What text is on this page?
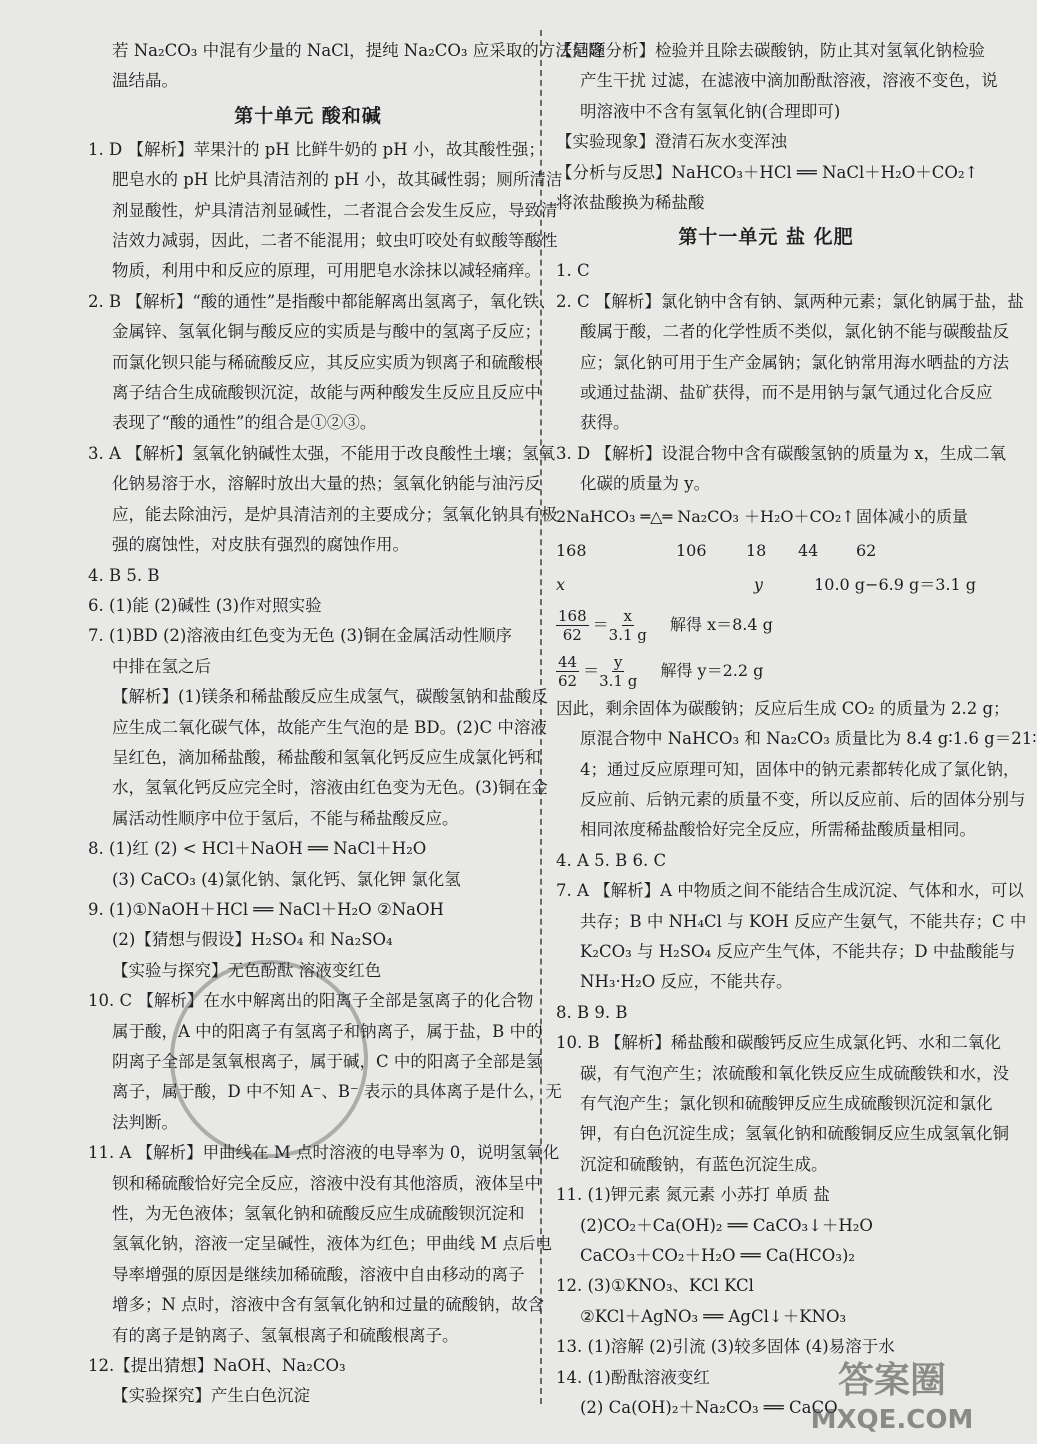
若 Na₂CO₃ 中混有少量的 NaCl，提纯 Na₂CO₃ 应采取的方法是降
温结晶。
第十单元 酸和碱
1. D 【解析】苹果汁的 pH 比鲜牛奶的 pH 小，故其酸性强；
肥皂水的 pH 比炉具清洁剂的 pH 小，故其碱性弱；厕所清洁
剂显酸性，炉具清洁剂显碱性，二者混合会发生反应，导致清
洁效力减弱，因此，二者不能混用；蚊虫叮咬处有蚁酸等酸性
物质，利用中和反应的原理，可用肥皂水涂抹以减轻痛痒。
2. B 【解析】“酸的通性”是指酸中都能解离出氢离子，氧化铁、
金属锌、氢氧化铜与酸反应的实质是与酸中的氢离子反应；
而氯化钡只能与稀硫酸反应，其反应实质为钡离子和硫酸根
离子结合生成硫酸钡沉淀，故能与两种酸发生反应且反应中
表现了“酸的通性”的组合是①②③。
3. A 【解析】氢氧化钠碱性太强，不能用于改良酸性土壤；氢氧
化钠易溶于水，溶解时放出大量的热；氢氧化钠能与油污反
应，能去除油污，是炉具清洁剂的主要成分；氢氧化钠具有极
强的腐蚀性，对皮肤有强烈的腐蚀作用。
4. B 5. B
6. (1)能 (2)碱性 (3)作对照实验
7. (1)BD (2)溶液由红色变为无色 (3)铜在金属活动性顺序
中排在氢之后
【解析】(1)镁条和稀盐酸反应生成氢气，碳酸氢钠和盐酸反
应生成二氧化碳气体，故能产生气泡的是 BD。(2)C 中溶液
呈红色，滴加稀盐酸，稀盐酸和氢氧化钙反应生成氯化钙和
水，氢氧化钙反应完全时，溶液由红色变为无色。(3)铜在金
属活动性顺序中位于氢后，不能与稀盐酸反应。
8. (1)红 (2) < HCl＋NaOH ══ NaCl＋H₂O
(3) CaCO₃ (4)氯化钠、氯化钙、氯化钾 氯化氢
9. (1)①NaOH＋HCl ══ NaCl＋H₂O ②NaOH
(2)【猜想与假设】H₂SO₄ 和 Na₂SO₄
【实验与探究】无色酚酞 溶液变红色
10. C 【解析】在水中解离出的阳离子全部是氢离子的化合物
属于酸，A 中的阳离子有氢离子和钠离子，属于盐，B 中的
阴离子全部是氢氧根离子，属于碱，C 中的阳离子全部是氢
离子，属于酸，D 中不知 A⁻、B⁻ 表示的具体离子是什么，无
法判断。
11. A 【解析】甲曲线在 M 点时溶液的电导率为 0，说明氢氧化
钡和稀硫酸恰好完全反应，溶液中没有其他溶质，液体呈中
性，为无色液体；氢氧化钠和硫酸反应生成硫酸钡沉淀和
氢氧化钠，溶液一定呈碱性，液体为红色；甲曲线 M 点后电
导率增强的原因是继续加稀硫酸，溶液中自由移动的离子
增多；N 点时，溶液中含有氢氧化钠和过量的硫酸钠，故含
有的离子是钠离子、氢氧根离子和硫酸根离子。
12.【提出猜想】NaOH、Na₂CO₃
【实验探究】产生白色沉淀
【问题分析】检验并且除去碳酸钠，防止其对氢氧化钠检验
产生干扰 过滤，在滤液中滴加酚酞溶液，溶液不变色，说
明溶液中不含有氢氧化钠(合理即可)
【实验现象】澄清石灰水变浑浊
【分析与反思】NaHCO₃＋HCl ══ NaCl＋H₂O＋CO₂↑
将浓盐酸换为稀盐酸
第十一单元 盐 化肥
1. C
2. C 【解析】氯化钠中含有钠、氯两种元素；氯化钠属于盐，盐
酸属于酸，二者的化学性质不类似，氯化钠不能与碳酸盐反
应；氯化钠可用于生产金属钠；氯化钠常用海水晒盐的方法
或通过盐湖、盐矿获得，而不是用钠与氯气通过化合反应
获得。
3. D 【解析】设混合物中含有碳酸氢钠的质量为 x，生成二氧
化碳的质量为 y。
2NaHCO₃ ═△═ Na₂CO₃ ＋H₂O＋CO₂↑ 固体减小的质量
168	106	18	44	62
x	y	10.0 g−6.9 g＝3.1 g
$\frac{168}{62} = \frac{x}{3.1 g}$ 解得 x＝8.4 g
$\frac{44}{62} = \frac{y}{3.1 g}$ 解得 y＝2.2 g
因此，剩余固体为碳酸钠；反应后生成 CO₂ 的质量为 2.2 g；
原混合物中 NaHCO₃ 和 Na₂CO₃ 质量比为 8.4 g∶1.6 g＝21∶
4；通过反应原理可知，固体中的钠元素都转化成了氯化钠，
反应前、后钠元素的质量不变，所以反应前、后的固体分别与
相同浓度稀盐酸恰好完全反应，所需稀盐酸质量相同。
4. A 5. B 6. C
7. A 【解析】A 中物质之间不能结合生成沉淀、气体和水，可以
共存；B 中 NH₄Cl 与 KOH 反应产生氨气，不能共存；C 中
K₂CO₃ 与 H₂SO₄ 反应产生气体，不能共存；D 中盐酸能与
NH₃·H₂O 反应，不能共存。
8. B 9. B
10. B 【解析】稀盐酸和碳酸钙反应生成氯化钙、水和二氧化
碳，有气泡产生；浓硫酸和氧化铁反应生成硫酸铁和水，没
有气泡产生；氯化钡和硫酸钾反应生成硫酸钡沉淀和氯化
钾，有白色沉淀生成；氢氧化钠和硫酸铜反应生成氢氧化铜
沉淀和硫酸钠，有蓝色沉淀生成。
11. (1)钾元素 氮元素 小苏打 单质 盐
(2)CO₂＋Ca(OH)₂ ══ CaCO₃↓＋H₂O
CaCO₃＋CO₂＋H₂O ══ Ca(HCO₃)₂
12. (3)①KNO₃、KCl KCl
②KCl＋AgNO₃ ══ AgCl↓＋KNO₃
13. (1)溶解 (2)引流 (3)较多固体 (4)易溶于水
14. (1)酚酞溶液变红
(2) Ca(OH)₂＋Na₂CO₃ ══ CaCO
答案圈
MXQE.COM
